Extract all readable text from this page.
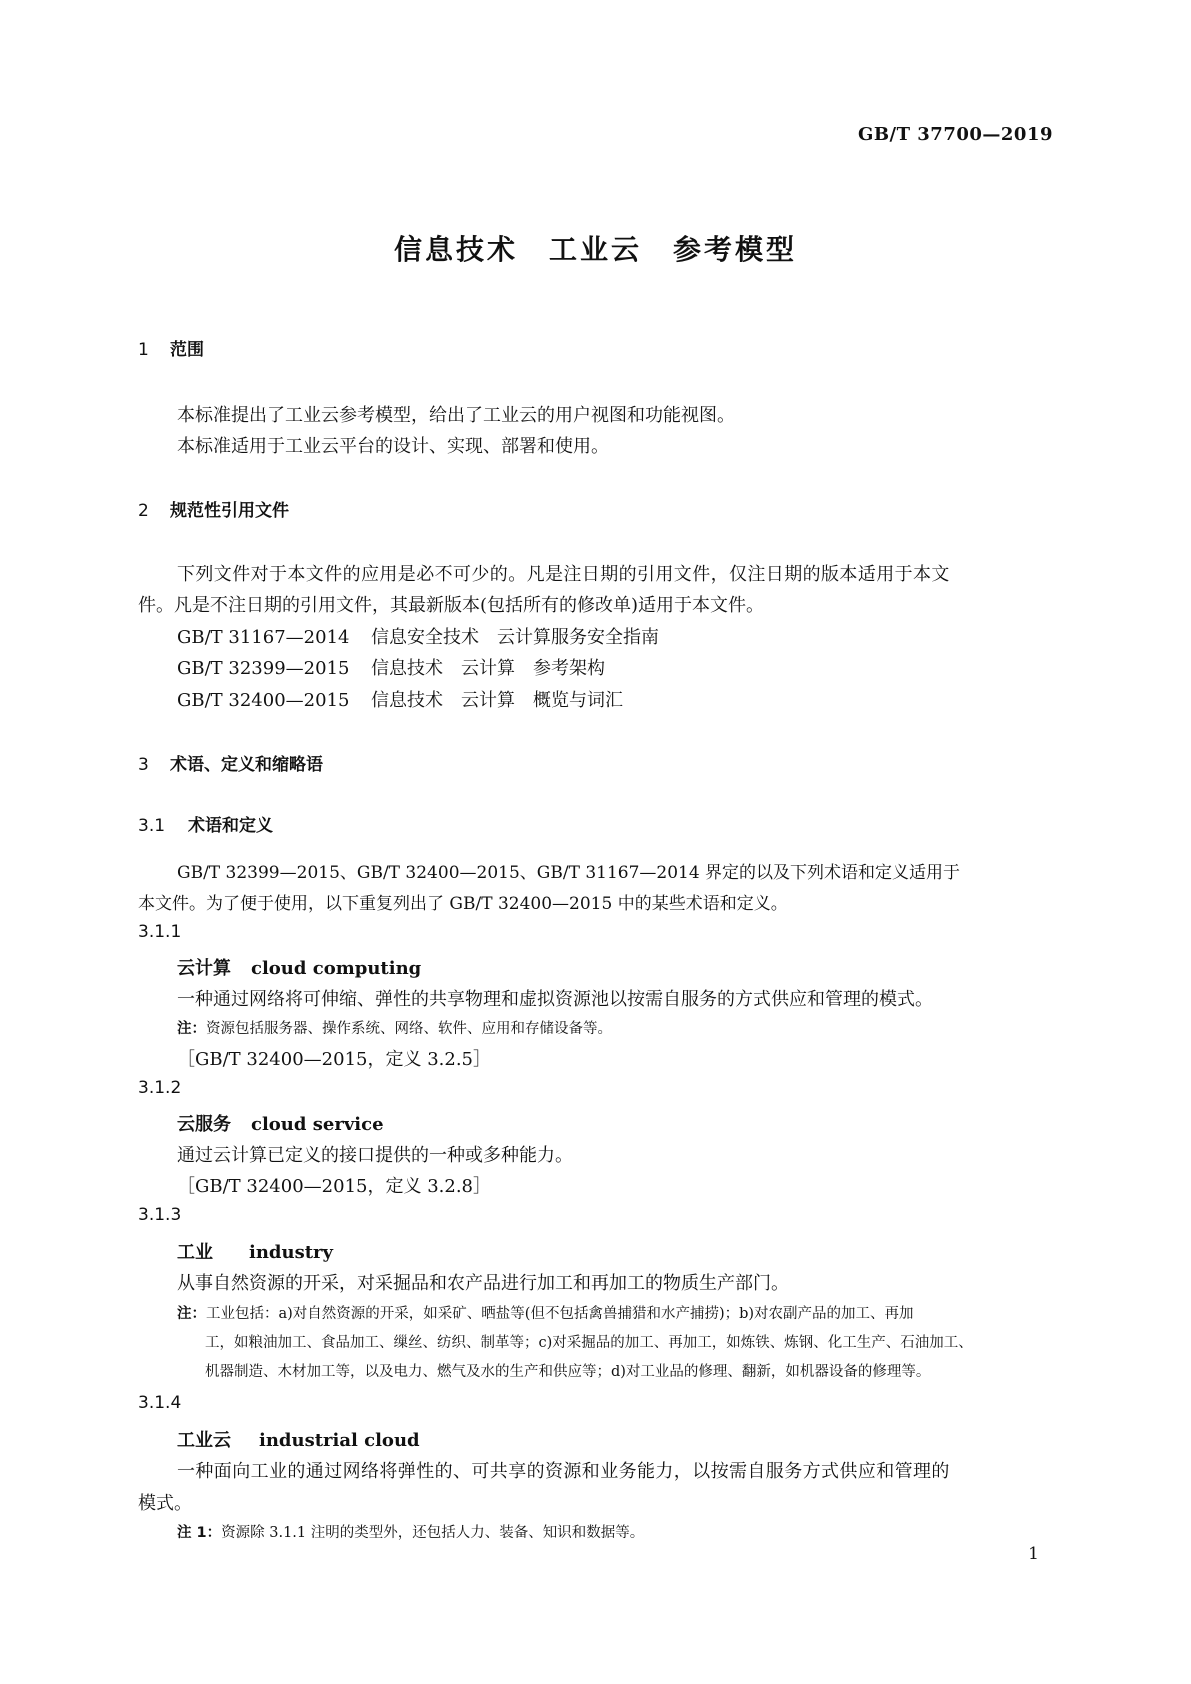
GB/T 37700—2019
信息技术　工业云　参考模型
1 范围
本标准提出了工业云参考模型，给出了工业云的用户视图和功能视图。
本标准适用于工业云平台的设计、实现、部署和使用。
2 规范性引用文件
下列文件对于本文件的应用是必不可少的。凡是注日期的引用文件，仅注日期的版本适用于本文
件。凡是不注日期的引用文件，其最新版本(包括所有的修改单)适用于本文件。
GB/T 31167—2014 信息安全技术　云计算服务安全指南
GB/T 32399—2015 信息技术　云计算　参考架构
GB/T 32400—2015 信息技术　云计算　概览与词汇
3 术语、定义和缩略语
3.1 术语和定义
GB/T 32399—2015、GB/T 32400—2015、GB/T 31167—2014 界定的以及下列术语和定义适用于
本文件。为了便于使用，以下重复列出了 GB/T 32400—2015 中的某些术语和定义。
3.1.1
云计算 cloud computing
一种通过网络将可伸缩、弹性的共享物理和虚拟资源池以按需自服务的方式供应和管理的模式。
注：资源包括服务器、操作系统、网络、软件、应用和存储设备等。
［GB/T 32400—2015，定义 3.2.5］
3.1.2
云服务 cloud service
通过云计算已定义的接口提供的一种或多种能力。
［GB/T 32400—2015，定义 3.2.8］
3.1.3
工业 industry
从事自然资源的开采，对采掘品和农产品进行加工和再加工的物质生产部门。
注：工业包括：a)对自然资源的开采，如采矿、晒盐等(但不包括禽兽捕猎和水产捕捞)；b)对农副产品的加工、再加
工，如粮油加工、食品加工、缫丝、纺织、制革等；c)对采掘品的加工、再加工，如炼铁、炼钢、化工生产、石油加工、
机器制造、木材加工等，以及电力、燃气及水的生产和供应等；d)对工业品的修理、翻新，如机器设备的修理等。
3.1.4
工业云 industrial cloud
一种面向工业的通过网络将弹性的、可共享的资源和业务能力，以按需自服务方式供应和管理的
模式。
注 1：资源除 3.1.1 注明的类型外，还包括人力、装备、知识和数据等。
1
